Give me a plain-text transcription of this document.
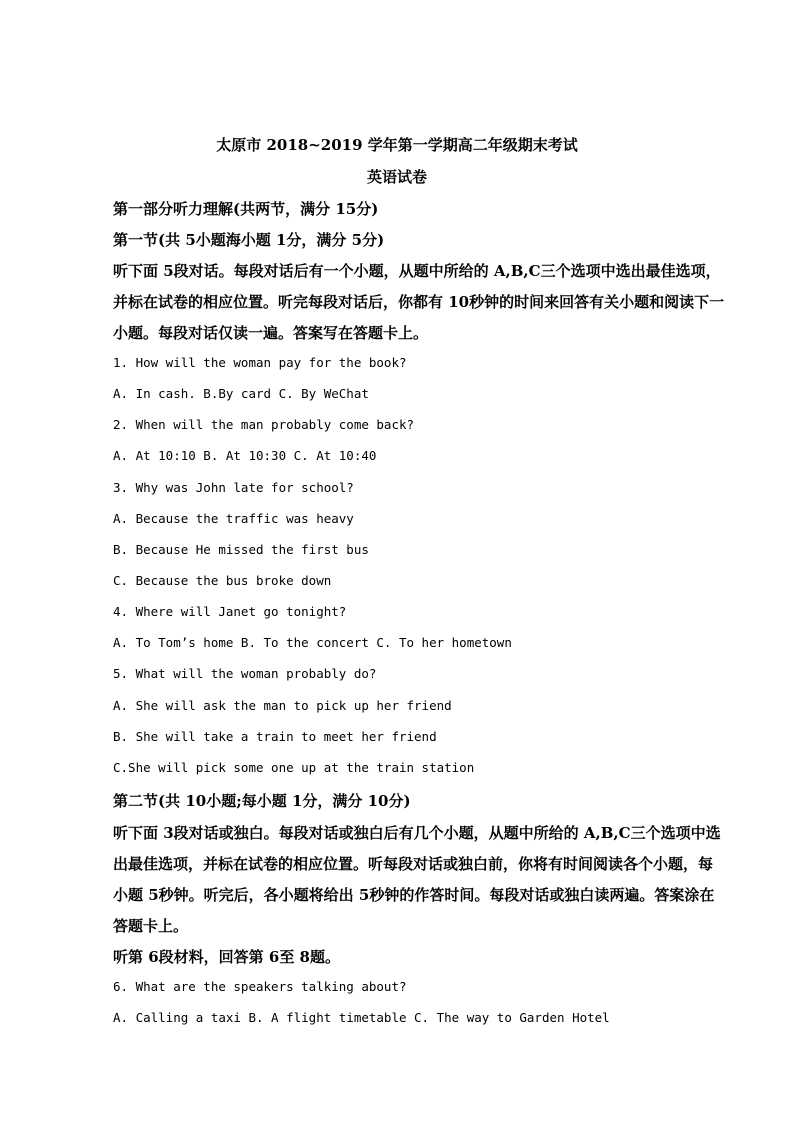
太原市 2018~2019 学年第一学期高二年级期末考试
英语试卷
第一部分听力理解(共两节，满分 15分)
第一节(共 5小题海小题 1分，满分 5分)
听下面 5段对话。每段对话后有一个小题，从题中所给的 A,B,C三个选项中选出最佳选项，
并标在试卷的相应位置。听完每段对话后，你都有 10秒钟的时间来回答有关小题和阅读下一
小题。每段对话仅读一遍。答案写在答题卡上。
1. How will the woman pay for the book?
A. In cash. B.By card C. By WeChat
2. When will the man probably come back?
A. At 10:10 B. At 10:30 C. At 10:40
3. Why was John late for school?
A. Because the traffic was heavy
B. Because He missed the first bus
C. Because the bus broke down
4. Where will Janet go tonight?
A. To Tom’s home B. To the concert C. To her hometown
5. What will the woman probably do?
A. She will ask the man to pick up her friend
B. She will take a train to meet her friend
C.She will pick some one up at the train station
第二节(共 10小题;每小题 1分，满分 10分)
听下面 3段对话或独白。每段对话或独白后有几个小题，从题中所给的 A,B,C三个选项中选
出最佳选项，并标在试卷的相应位置。听每段对话或独白前，你将有时间阅读各个小题，每
小题 5秒钟。听完后，各小题将给出 5秒钟的作答时间。每段对话或独白读两遍。答案涂在
答题卡上。
听第 6段材料，回答第 6至 8题。
6. What are the speakers talking about?
A. Calling a taxi B. A flight timetable C. The way to Garden Hotel
